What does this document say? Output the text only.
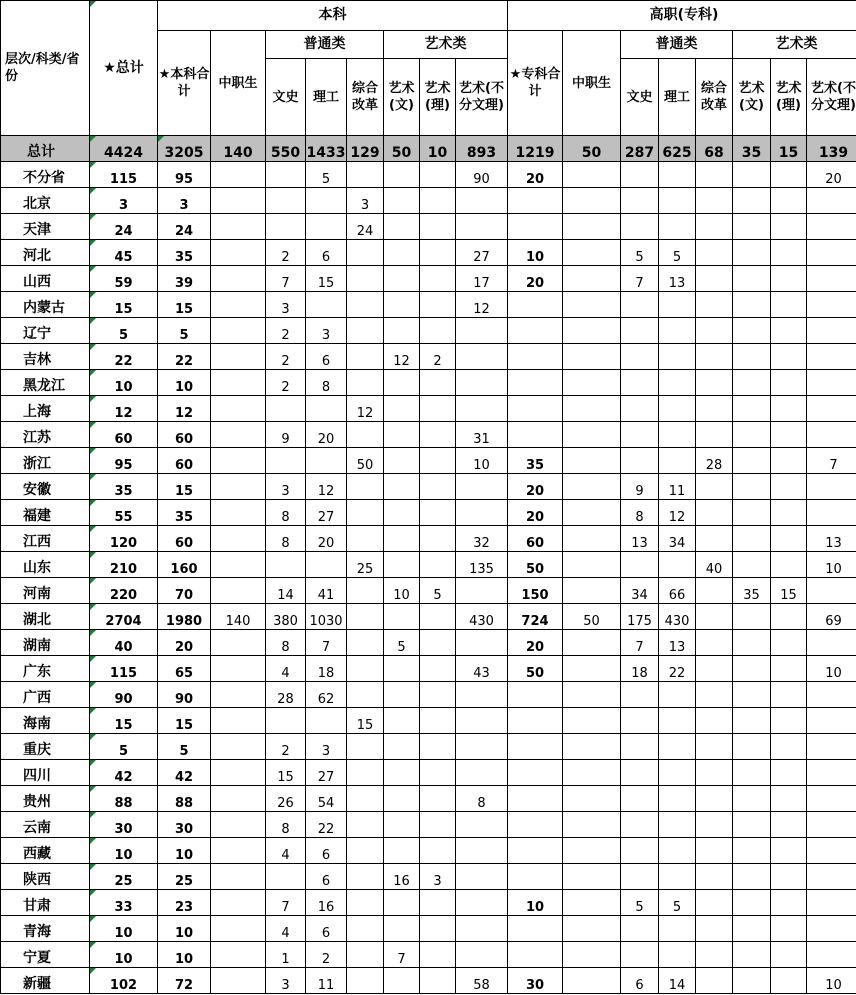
层次/科类/省份	★总计	本科								高职(专科)							
		★本科合计	中职生	普通类			艺术类			★专科合计	中职生	普通类			艺术类		
				文史	理工	综合改革	艺术(文)	艺术(理)	艺术(不分文理)			文史	理工	综合改革	艺术(文)	艺术(理)	艺术(不分文理)
总计	4424	3205	140	550	1433	129	50	10	893	1219	50	287	625	68	35	15	139
不分省	115	95			5				90	20							20
北京	3	3				3											
天津	24	24				24											
河北	45	35		2	6				27	10		5	5				
山西	59	39		7	15				17	20		7	13				
内蒙古	15	15		3					12								
辽宁	5	5		2	3												
吉林	22	22		2	6		12	2									
黑龙江	10	10		2	8												
上海	12	12				12											
江苏	60	60		9	20				31								
浙江	95	60				50			10	35				28			7
安徽	35	15		3	12					20		9	11				
福建	55	35		8	27					20		8	12				
江西	120	60		8	20				32	60		13	34				13
山东	210	160				25			135	50				40			10
河南	220	70		14	41		10	5		150		34	66		35	15	
湖北	2704	1980	140	380	1030				430	724	50	175	430				69
湖南	40	20		8	7		5			20		7	13				
广东	115	65		4	18				43	50		18	22				10
广西	90	90		28	62												
海南	15	15				15											
重庆	5	5		2	3												
四川	42	42		15	27												
贵州	88	88		26	54				8								
云南	30	30		8	22												
西藏	10	10		4	6												
陕西	25	25			6		16	3									
甘肃	33	23		7	16					10		5	5				
青海	10	10		4	6												
宁夏	10	10		1	2		7										
新疆	102	72		3	11				58	30		6	14				10
